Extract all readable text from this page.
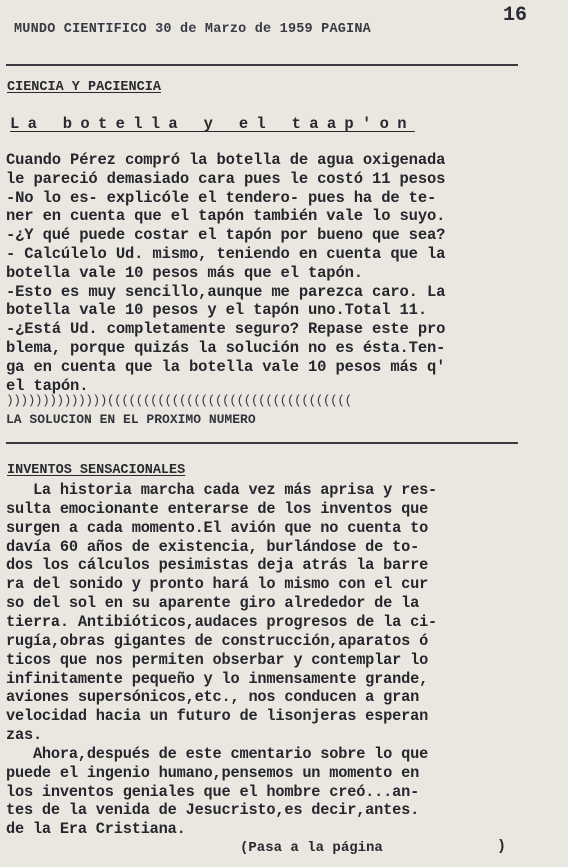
MUNDO CIENTIFICO 30 de Marzo de 1959 PAGINA
16
CIENCIA Y PACIENCIA
La botella y el taap'on
Cuando Pérez compró la botella de agua oxigenada
le pareció demasiado cara pues le costó 11 pesos
-No lo es- explicóle el tendero- pues ha de te-
ner en cuenta que el tapón también vale lo suyo.
-¿Y qué puede costar el tapón por bueno que sea?
- Calcúlelo Ud. mismo, teniendo en cuenta que la
botella vale 10 pesos más que el tapón.
-Esto es muy sencillo,aunque me parezca caro. La
botella vale 10 pesos y el tapón uno.Total 11.
-¿Está Ud. completamente seguro? Repase este pro
blema, porque quizás la solución no es ésta.Ten-
ga en cuenta que la botella vale 10 pesos más q'
el tapón.
))))))))))))))((((((((((((((((((((((((((((((((((
LA SOLUCION EN EL PROXIMO NUMERO
INVENTOS SENSACIONALES
La historia marcha cada vez más aprisa y res-
sulta emocionante enterarse de los inventos que
surgen a cada momento.El avión que no cuenta to
davía 60 años de existencia, burlándose de to-
dos los cálculos pesimistas deja atrás la barre
ra del sonido y pronto hará lo mismo con el cur
so del sol en su aparente giro alrededor de la
tierra. Antibióticos,audaces progresos de la ci-
rugía,obras gigantes de construcción,aparatos ó
ticos que nos permiten obserbar y contemplar lo
infinitamente pequeño y lo inmensamente grande,
aviones supersónicos,etc., nos conducen a gran
velocidad hacia un futuro de lisonjeras esperan
zas.
Ahora,después de este cmentario sobre lo que
puede el ingenio humano,pensemos un momento en
los inventos geniales que el hombre creó...an-
tes de la venida de Jesucristo,es decir,antes.
de la Era Cristiana.
(Pasa a la página	)
